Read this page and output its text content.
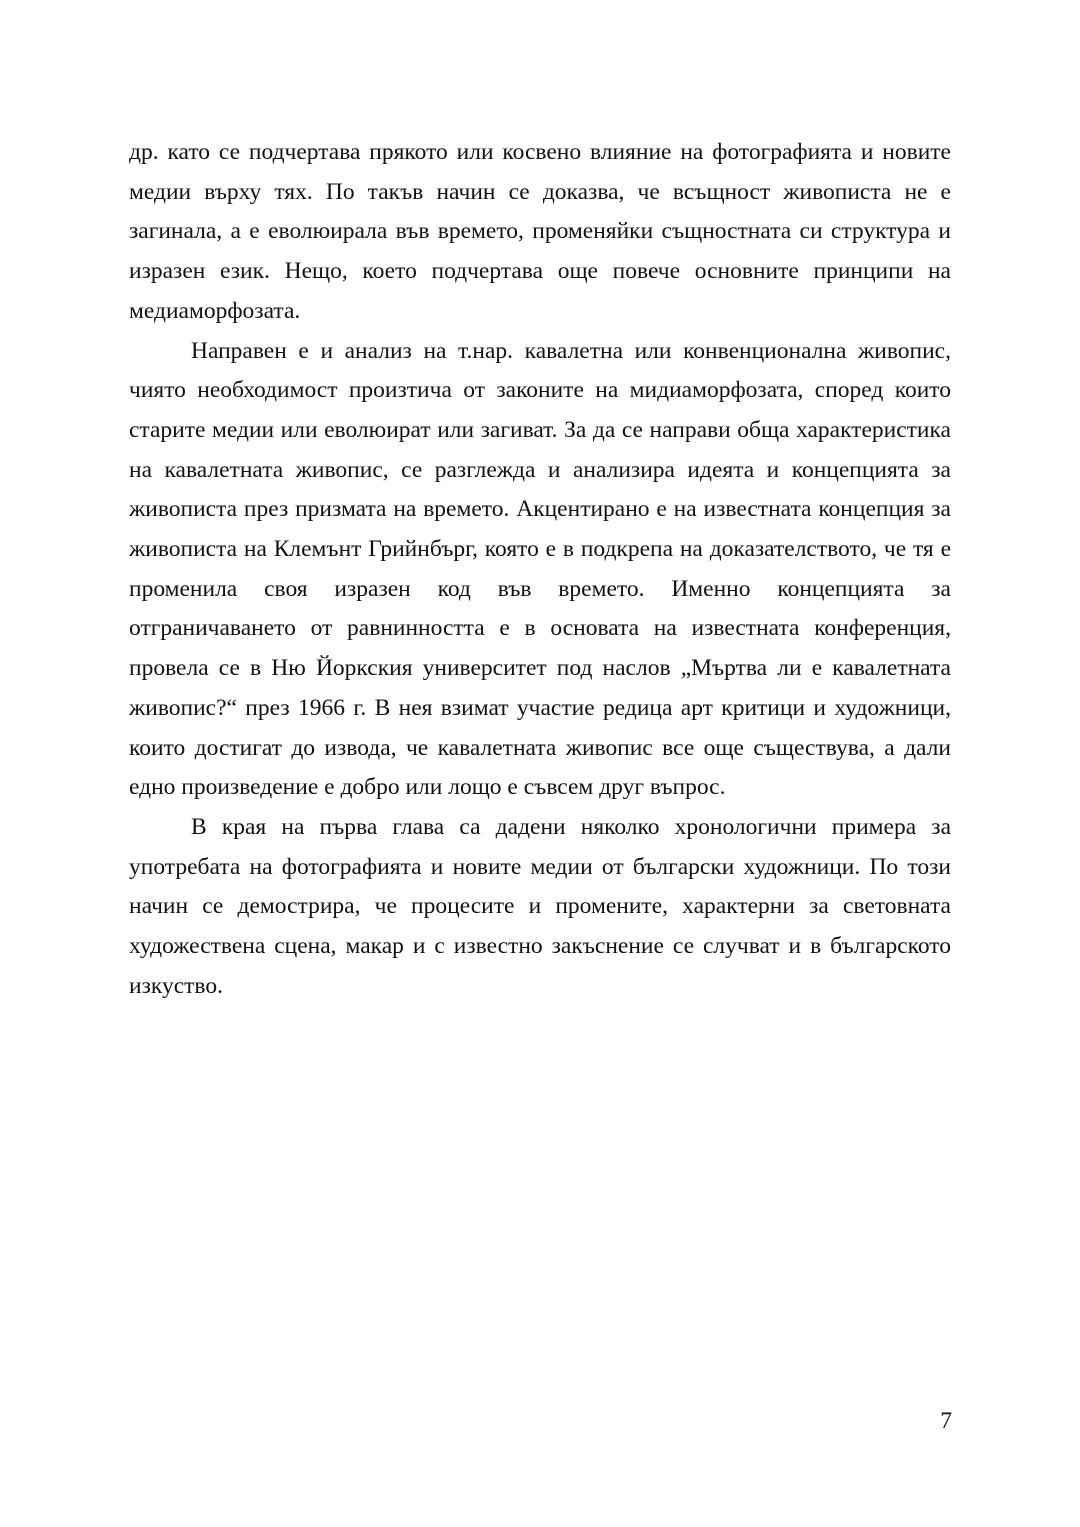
др. като се подчертава прякото или косвено влияние на фотографията и новите медии върху тях. По такъв начин се доказва, че всъщност живописта не е загинала, а е еволюирала във времето, променяйки същностната си структура и изразен език. Нещо, което подчертава още повече основните принципи на медиаморфозата.

Направен е и анализ на т.нар. кавалетна или конвенционална живопис, чиято необходимост произтича от законите на мидиаморфозата, според които старите медии или еволюират или загиват. За да се направи обща характеристика на кавалетната живопис, се разглежда и анализира идеята и концепцията за живописта през призмата на времето. Акцентирано е на известната концепция за живописта на Клемънт Грийнбърг, която е в подкрепа на доказателството, че тя е променила своя изразен код във времето. Именно концепцията за отграничаването от равнинността е в основата на известната конференция, провела се в Ню Йоркския университет под наслов „Мъртва ли е кавалетната живопис?“ през 1966 г. В нея взимат участие редица арт критици и художници, които достигат до извода, че кавалетната живопис все още съществува, а дали едно произведение е добро или лощо е съвсем друг въпрос.

В края на първа глава са дадени няколко хронологични примера за употребата на фотографията и новите медии от български художници. По този начин се демострира, че процесите и промените, характерни за световната художествена сцена, макар и с известно закъснение се случват и в българското изкуство.

7
